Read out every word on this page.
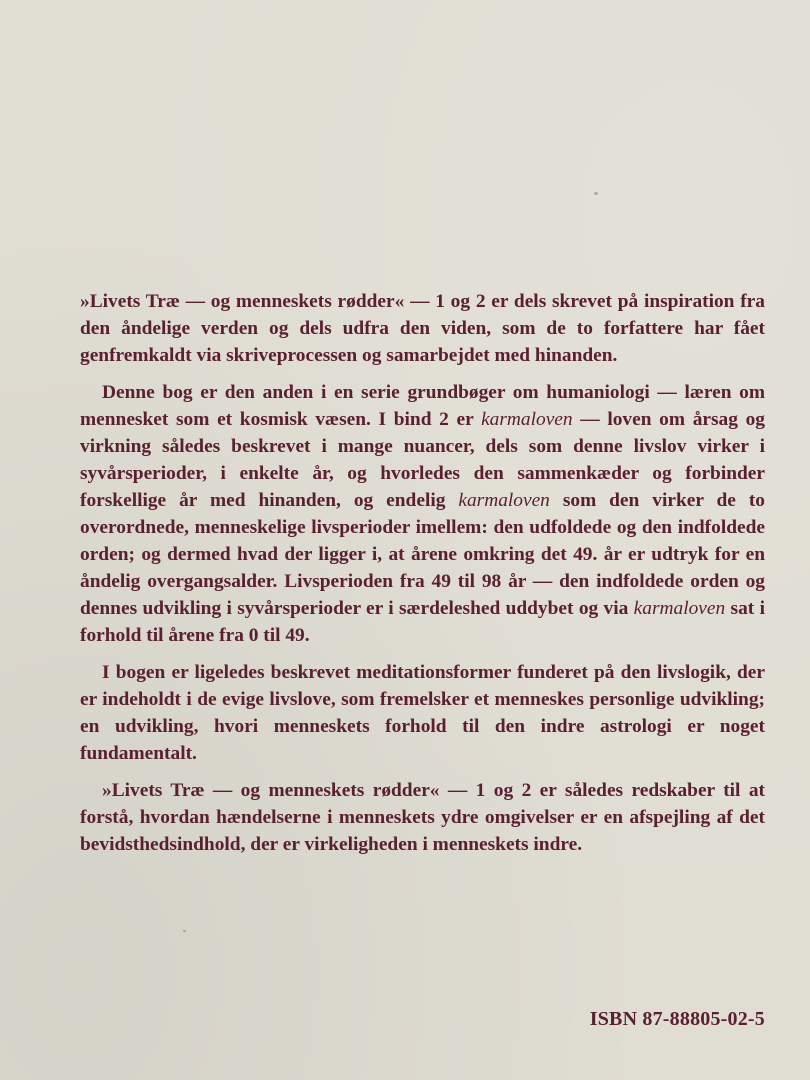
»Livets Træ — og menneskets rødder« — 1 og 2 er dels skrevet på inspiration fra den åndelige verden og dels udfra den viden, som de to forfattere har fået genfremkaldt via skriveprocessen og samarbejdet med hinanden.

Denne bog er den anden i en serie grundbøger om humaniologi — læren om mennesket som et kosmisk væsen. I bind 2 er karmaloven — loven om årsag og virkning således beskrevet i mange nuancer, dels som denne livslov virker i syvårsperioder, i enkelte år, og hvorledes den sammenkæder og forbinder forskellige år med hinanden, og endelig karmaloven som den virker de to overordnede, menneskelige livsperioder imellem: den udfoldede og den indfoldede orden; og dermed hvad der ligger i, at årene omkring det 49. år er udtryk for en åndelig overgangsalder. Livsperioden fra 49 til 98 år — den indfoldede orden og dennes udvikling i syvårsperioder er i særdeleshed uddybet og via karmaloven sat i forhold til årene fra 0 til 49.

I bogen er ligeledes beskrevet meditationsformer funderet på den livslogik, der er indeholdt i de evige livslove, som fremelsker et menneskes personlige udvikling; en udvikling, hvori menneskets forhold til den indre astrologi er noget fundamentalt.

»Livets Træ — og menneskets rødder« — 1 og 2 er således redskaber til at forstå, hvordan hændelserne i menneskets ydre omgivelser er en afspejling af det bevidsthedsindhold, der er virkeligheden i menneskets indre.

ISBN 87-88805-02-5
